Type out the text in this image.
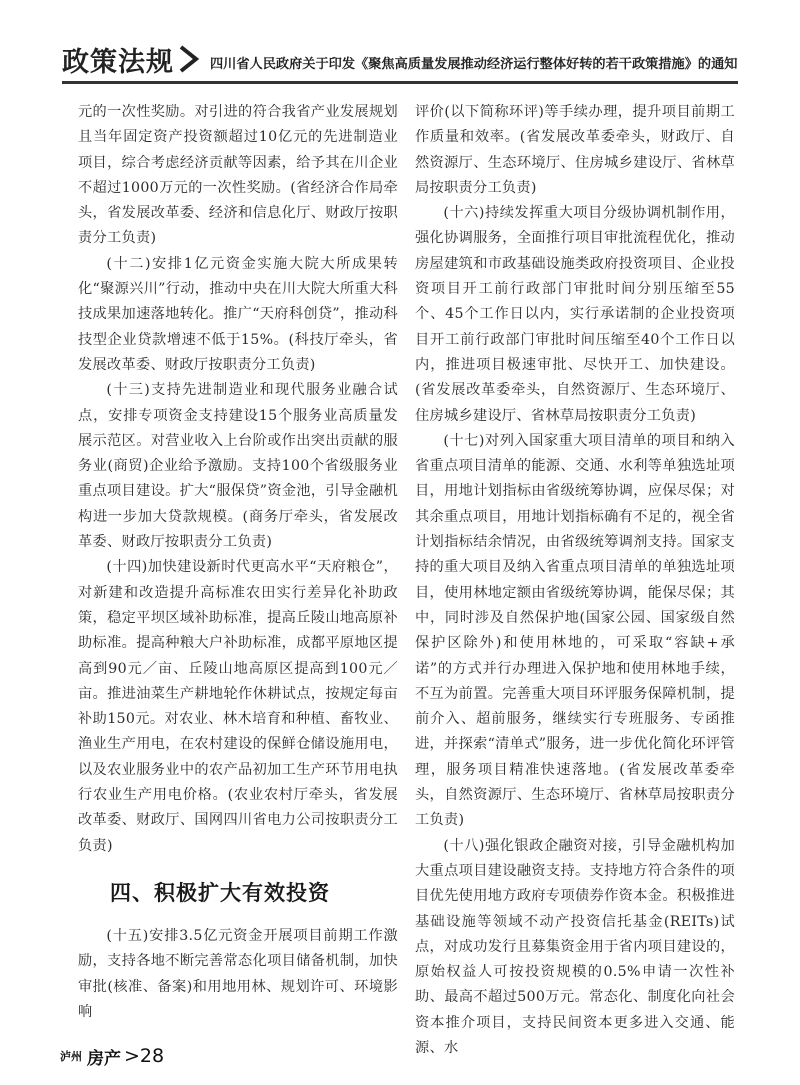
政策法规	四川省人民政府关于印发《聚焦高质量发展推动经济运行整体好转的若干政策措施》的通知

元的一次性奖励。对引进的符合我省产业发展规划且当年固定资产投资额超过10亿元的先进制造业项目，综合考虑经济贡献等因素，给予其在川企业不超过1000万元的一次性奖励。(省经济合作局牵头，省发展改革委、经济和信息化厅、财政厅按职责分工负责)

(十二)安排1亿元资金实施大院大所成果转化“聚源兴川”行动，推动中央在川大院大所重大科技成果加速落地转化。推广“天府科创贷”，推动科技型企业贷款增速不低于15%。(科技厅牵头，省发展改革委、财政厅按职责分工负责)

(十三)支持先进制造业和现代服务业融合试点，安排专项资金支持建设15个服务业高质量发展示范区。对营业收入上台阶或作出突出贡献的服务业(商贸)企业给予激励。支持100个省级服务业重点项目建设。扩大“服保贷”资金池，引导金融机构进一步加大贷款规模。(商务厅牵头，省发展改革委、财政厅按职责分工负责)

(十四)加快建设新时代更高水平“天府粮仓”，对新建和改造提升高标准农田实行差异化补助政策，稳定平坝区域补助标准，提高丘陵山地高原补助标准。提高种粮大户补助标准，成都平原地区提高到90元／亩、丘陵山地高原区提高到100元／亩。推进油菜生产耕地轮作休耕试点，按规定每亩补助150元。对农业、林木培育和种植、畜牧业、渔业生产用电，在农村建设的保鲜仓储设施用电，以及农业服务业中的农产品初加工生产环节用电执行农业生产用电价格。(农业农村厅牵头，省发展改革委、财政厅、国网四川省电力公司按职责分工负责)

四、积极扩大有效投资

(十五)安排3.5亿元资金开展项目前期工作激励，支持各地不断完善常态化项目储备机制，加快审批(核准、备案)和用地用林、规划许可、环境影响

评价(以下简称环评)等手续办理，提升项目前期工作质量和效率。(省发展改革委牵头，财政厅、自然资源厅、生态环境厅、住房城乡建设厅、省林草局按职责分工负责)

(十六)持续发挥重大项目分级协调机制作用，强化协调服务，全面推行项目审批流程优化，推动房屋建筑和市政基础设施类政府投资项目、企业投资项目开工前行政部门审批时间分别压缩至55个、45个工作日以内，实行承诺制的企业投资项目开工前行政部门审批时间压缩至40个工作日以内，推进项目极速审批、尽快开工、加快建设。(省发展改革委牵头，自然资源厅、生态环境厅、住房城乡建设厅、省林草局按职责分工负责)

(十七)对列入国家重大项目清单的项目和纳入省重点项目清单的能源、交通、水利等单独选址项目，用地计划指标由省级统筹协调，应保尽保；对其余重点项目，用地计划指标确有不足的，视全省计划指标结余情况，由省级统筹调剂支持。国家支持的重大项目及纳入省重点项目清单的单独选址项目，使用林地定额由省级统筹协调，能保尽保；其中，同时涉及自然保护地(国家公园、国家级自然保护区除外)和使用林地的，可采取“容缺+承诺”的方式并行办理进入保护地和使用林地手续，不互为前置。完善重大项目环评服务保障机制，提前介入、超前服务，继续实行专班服务、专函推进，并探索“清单式”服务，进一步优化简化环评管理，服务项目精准快速落地。(省发展改革委牵头，自然资源厅、生态环境厅、省林草局按职责分工负责)

(十八)强化银政企融资对接，引导金融机构加大重点项目建设融资支持。支持地方符合条件的项目优先使用地方政府专项债券作资本金。积极推进基础设施等领域不动产投资信托基金(REITs)试点，对成功发行且募集资金用于省内项目建设的，原始权益人可按投资规模的0.5%申请一次性补助、最高不超过500万元。常态化、制度化向社会资本推介项目，支持民间资本更多进入交通、能源、水

泸州 房产 >28
